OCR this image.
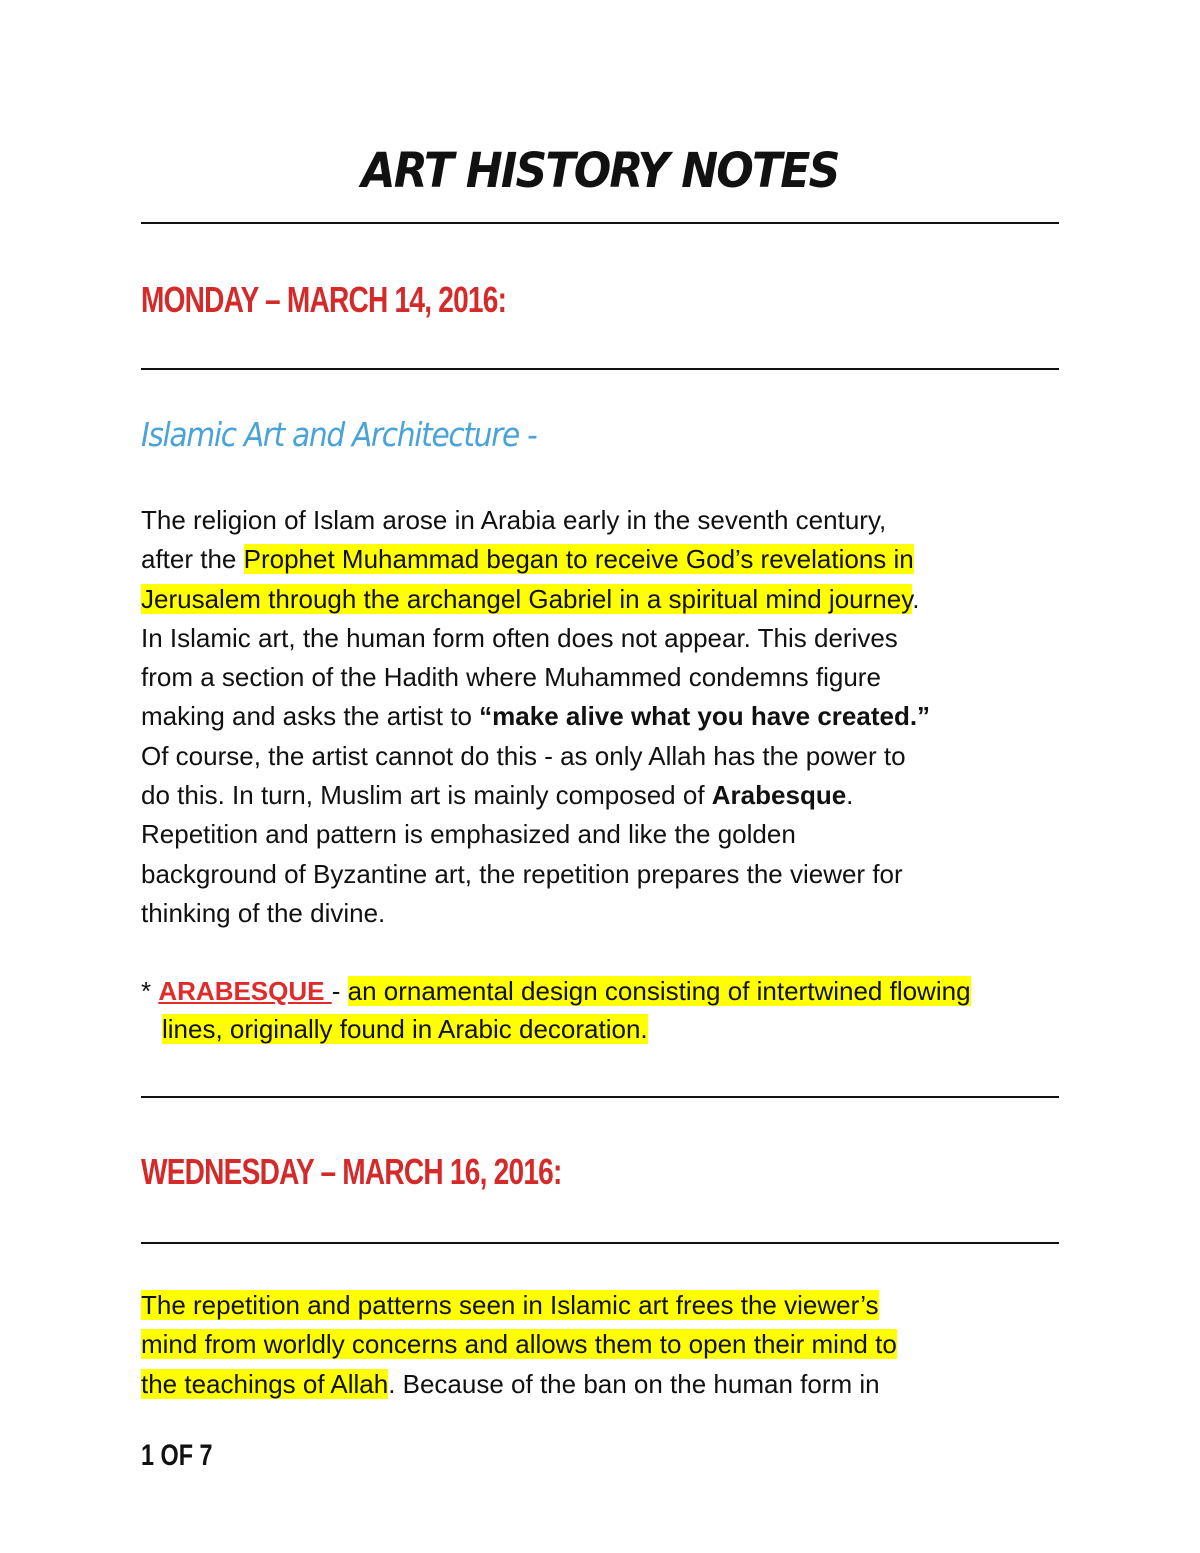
ART HISTORY NOTES
MONDAY – MARCH 14, 2016:
Islamic Art and Architecture -
The religion of Islam arose in Arabia early in the seventh century,
after the Prophet Muhammad began to receive God’s revelations in
Jerusalem through the archangel Gabriel in a spiritual mind journey.
In Islamic art, the human form often does not appear. This derives
from a section of the Hadith where Muhammed condemns figure
making and asks the artist to “make alive what you have created.”
Of course, the artist cannot do this - as only Allah has the power to
do this. In turn, Muslim art is mainly composed of Arabesque.
Repetition and pattern is emphasized and like the golden
background of Byzantine art, the repetition prepares the viewer for
thinking of the divine.
* ARABESQUE - an ornamental design consisting of intertwined flowing
lines, originally found in Arabic decoration.
WEDNESDAY – MARCH 16, 2016:
The repetition and patterns seen in Islamic art frees the viewer’s
mind from worldly concerns and allows them to open their mind to
the teachings of Allah. Because of the ban on the human form in
1 OF 7
